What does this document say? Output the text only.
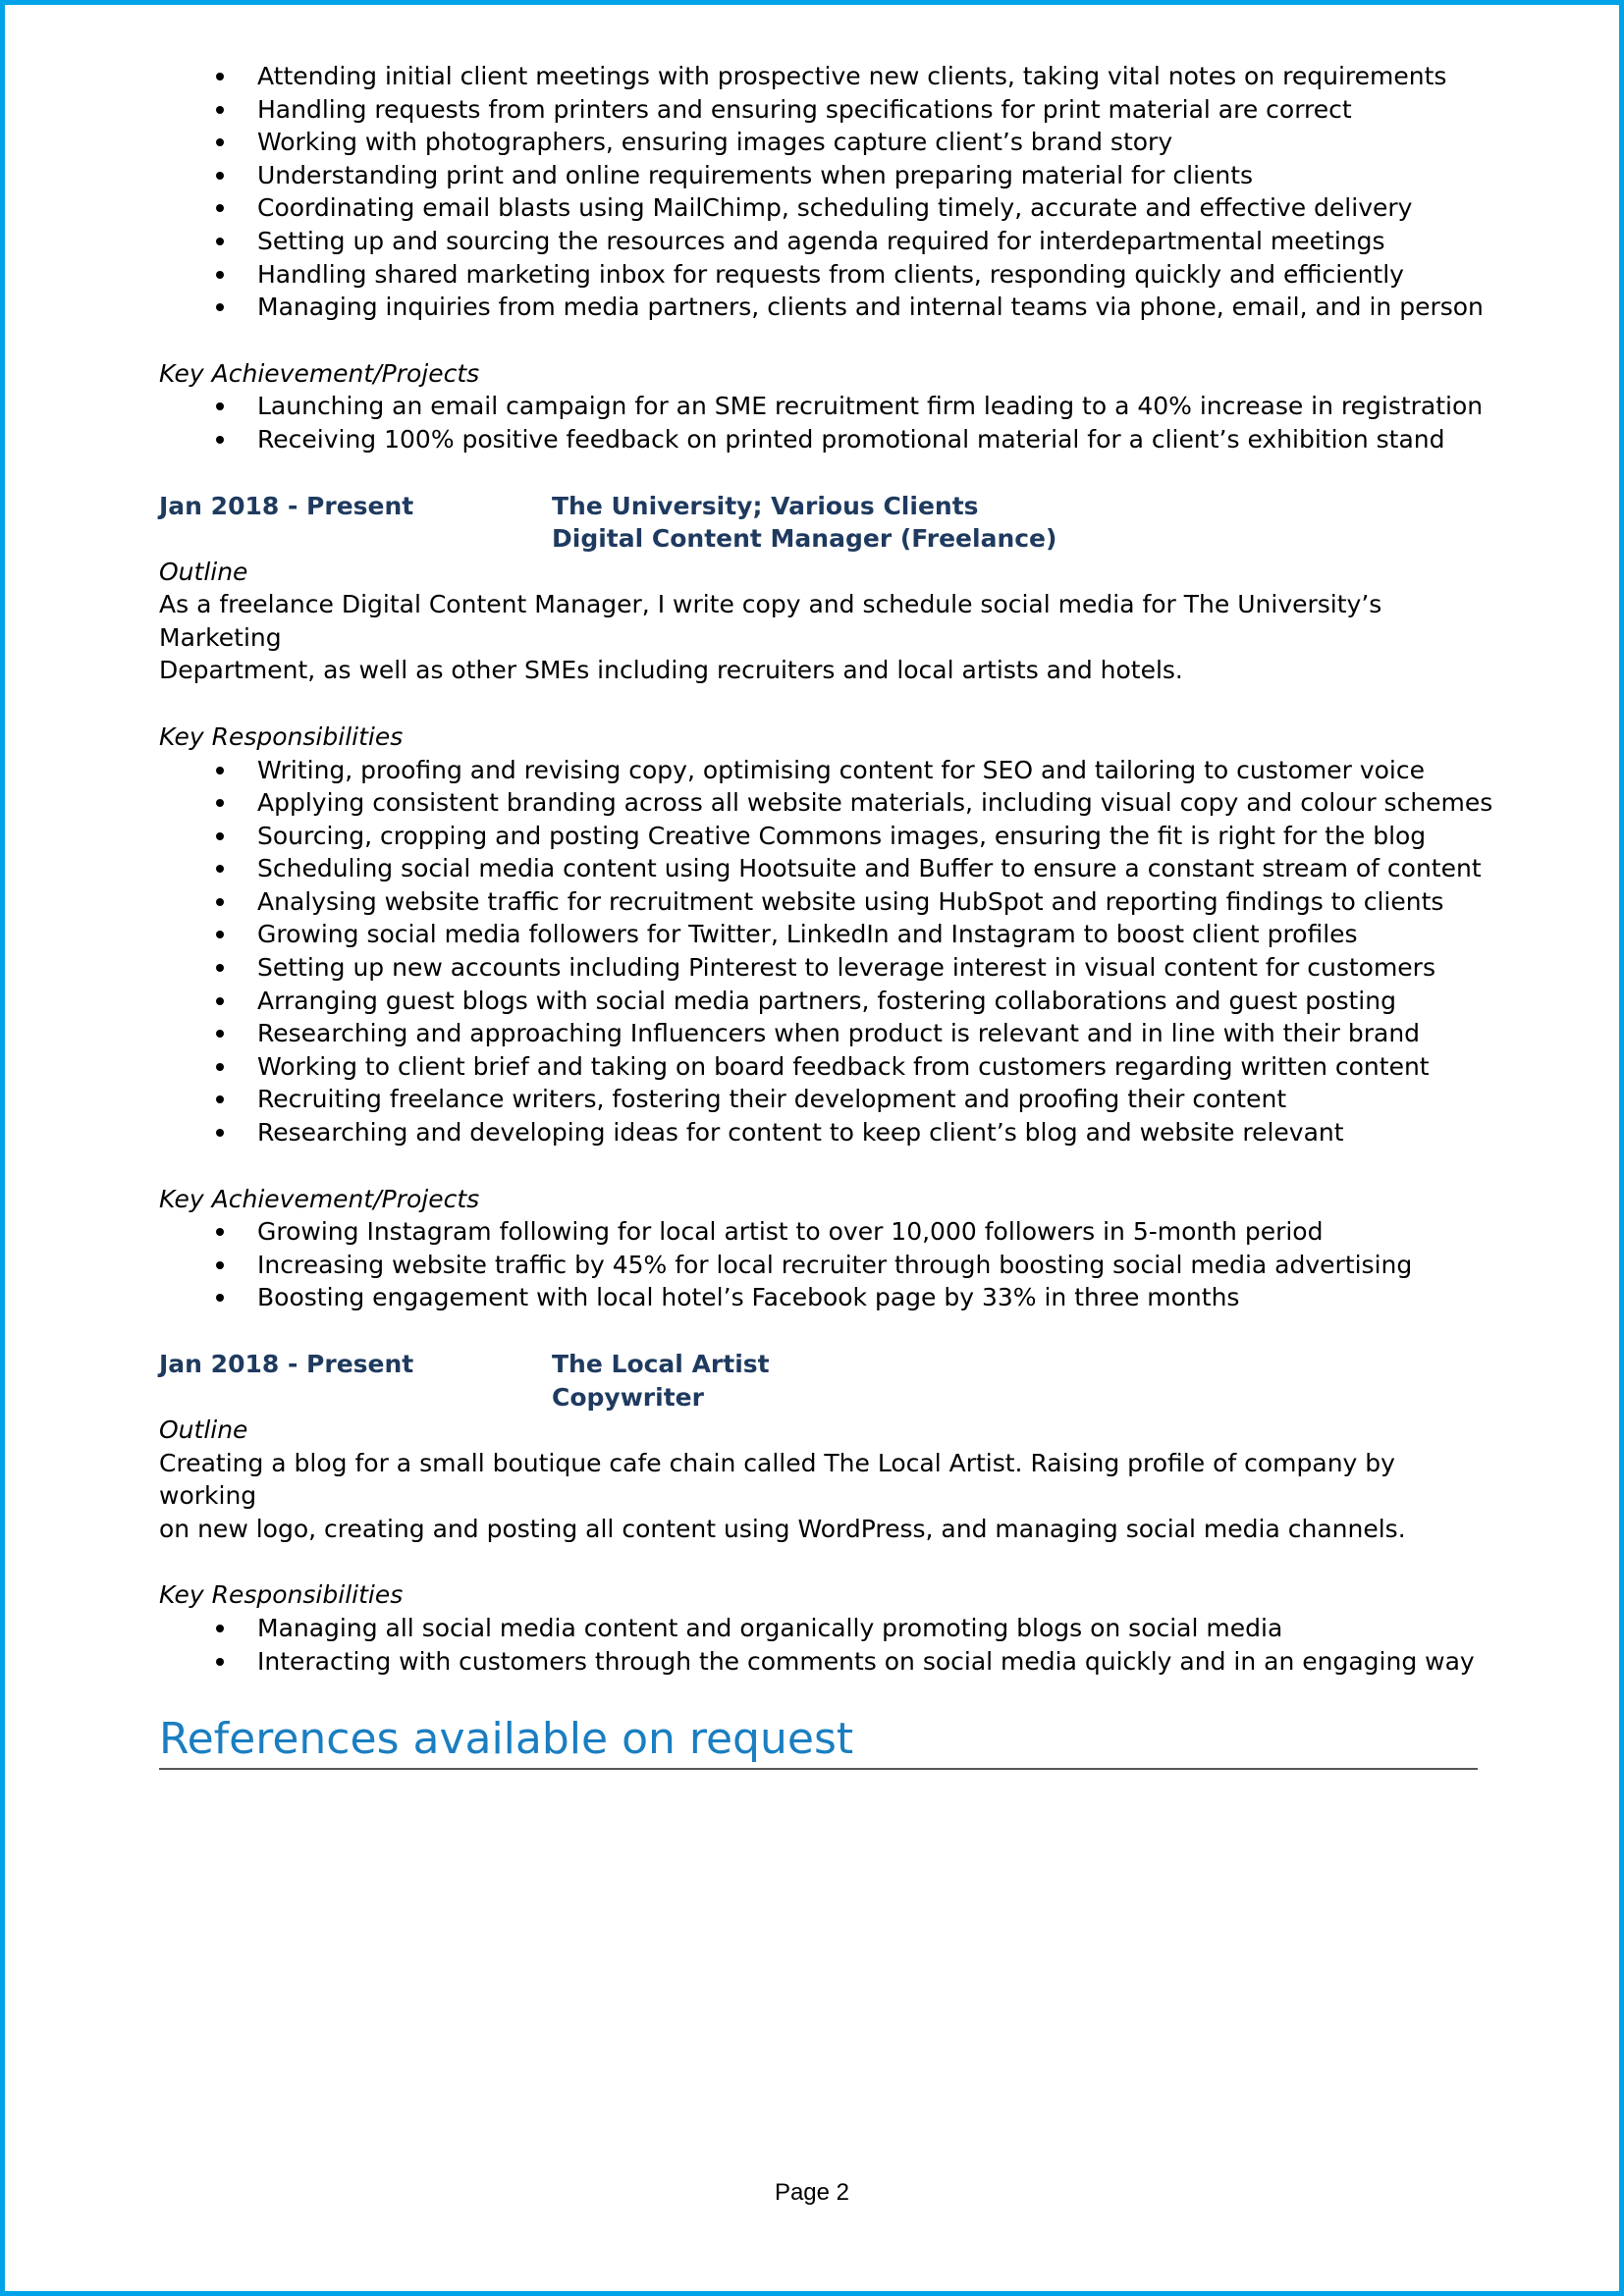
Attending initial client meetings with prospective new clients, taking vital notes on requirements
Handling requests from printers and ensuring specifications for print material are correct
Working with photographers, ensuring images capture client’s brand story
Understanding print and online requirements when preparing material for clients
Coordinating email blasts using MailChimp, scheduling timely, accurate and effective delivery
Setting up and sourcing the resources and agenda required for interdepartmental meetings
Handling shared marketing inbox for requests from clients, responding quickly and efficiently
Managing inquiries from media partners, clients and internal teams via phone, email, and in person
Key Achievement/Projects
Launching an email campaign for an SME recruitment firm leading to a 40% increase in registration
Receiving 100% positive feedback on printed promotional material for a client’s exhibition stand
Jan 2018 - Present	The University; Various Clients
Digital Content Manager (Freelance)
Outline
As a freelance Digital Content Manager, I write copy and schedule social media for The University’s Marketing
Department, as well as other SMEs including recruiters and local artists and hotels.
Key Responsibilities
Writing, proofing and revising copy, optimising content for SEO and tailoring to customer voice
Applying consistent branding across all website materials, including visual copy and colour schemes
Sourcing, cropping and posting Creative Commons images, ensuring the fit is right for the blog
Scheduling social media content using Hootsuite and Buffer to ensure a constant stream of content
Analysing website traffic for recruitment website using HubSpot and reporting findings to clients
Growing social media followers for Twitter, LinkedIn and Instagram to boost client profiles
Setting up new accounts including Pinterest to leverage interest in visual content for customers
Arranging guest blogs with social media partners, fostering collaborations and guest posting
Researching and approaching Influencers when product is relevant and in line with their brand
Working to client brief and taking on board feedback from customers regarding written content
Recruiting freelance writers, fostering their development and proofing their content
Researching and developing ideas for content to keep client’s blog and website relevant
Key Achievement/Projects
Growing Instagram following for local artist to over 10,000 followers in 5-month period
Increasing website traffic by 45% for local recruiter through boosting social media advertising
Boosting engagement with local hotel’s Facebook page by 33% in three months
Jan 2018 - Present	The Local Artist
Copywriter
Outline
Creating a blog for a small boutique cafe chain called The Local Artist. Raising profile of company by working
on new logo, creating and posting all content using WordPress, and managing social media channels.
Key Responsibilities
Managing all social media content and organically promoting blogs on social media
Interacting with customers through the comments on social media quickly and in an engaging way
References available on request
Page 2
